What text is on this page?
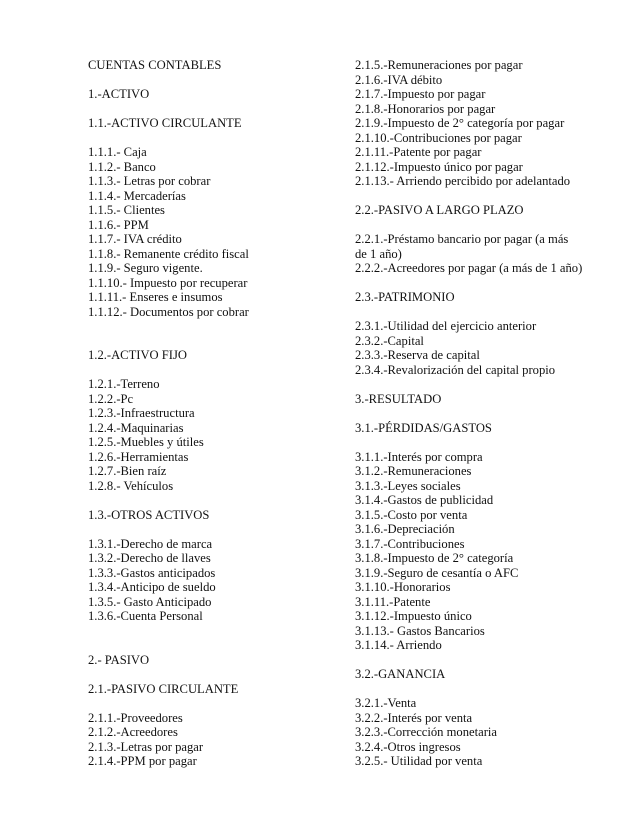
CUENTAS CONTABLES
1.-ACTIVO
1.1.-ACTIVO CIRCULANTE
1.1.1.- Caja
1.1.2.- Banco
1.1.3.- Letras por cobrar
1.1.4.- Mercaderías
1.1.5.- Clientes
1.1.6.- PPM
1.1.7.- IVA crédito
1.1.8.- Remanente crédito fiscal
1.1.9.- Seguro vigente.
1.1.10.- Impuesto por recuperar
1.1.11.- Enseres e insumos
1.1.12.- Documentos por cobrar
1.2.-ACTIVO FIJO
1.2.1.-Terreno
1.2.2.-Pc
1.2.3.-Infraestructura
1.2.4.-Maquinarias
1.2.5.-Muebles y útiles
1.2.6.-Herramientas
1.2.7.-Bien raíz
1.2.8.- Vehículos
1.3.-OTROS ACTIVOS
1.3.1.-Derecho de marca
1.3.2.-Derecho de llaves
1.3.3.-Gastos anticipados
1.3.4.-Anticipo de sueldo
1.3.5.- Gasto Anticipado
1.3.6.-Cuenta Personal
2.- PASIVO
2.1.-PASIVO CIRCULANTE
2.1.1.-Proveedores
2.1.2.-Acreedores
2.1.3.-Letras por pagar
2.1.4.-PPM por pagar
2.1.5.-Remuneraciones por pagar
2.1.6.-IVA débito
2.1.7.-Impuesto por pagar
2.1.8.-Honorarios por pagar
2.1.9.-Impuesto de 2° categoría por pagar
2.1.10.-Contribuciones por pagar
2.1.11.-Patente por pagar
2.1.12.-Impuesto único por pagar
2.1.13.- Arriendo percibido por adelantado
2.2.-PASIVO A LARGO PLAZO
2.2.1.-Préstamo bancario por pagar (a más
de 1 año)
2.2.2.-Acreedores por pagar (a más de 1 año)
2.3.-PATRIMONIO
2.3.1.-Utilidad del ejercicio anterior
2.3.2.-Capital
2.3.3.-Reserva de capital
2.3.4.-Revalorización del capital propio
3.-RESULTADO
3.1.-PÉRDIDAS/GASTOS
3.1.1.-Interés por compra
3.1.2.-Remuneraciones
3.1.3.-Leyes sociales
3.1.4.-Gastos de publicidad
3.1.5.-Costo por venta
3.1.6.-Depreciación
3.1.7.-Contribuciones
3.1.8.-Impuesto de 2° categoría
3.1.9.-Seguro de cesantía o AFC
3.1.10.-Honorarios
3.1.11.-Patente
3.1.12.-Impuesto único
3.1.13.- Gastos Bancarios
3.1.14.- Arriendo
3.2.-GANANCIA
3.2.1.-Venta
3.2.2.-Interés por venta
3.2.3.-Corrección monetaria
3.2.4.-Otros ingresos
3.2.5.- Utilidad por venta
